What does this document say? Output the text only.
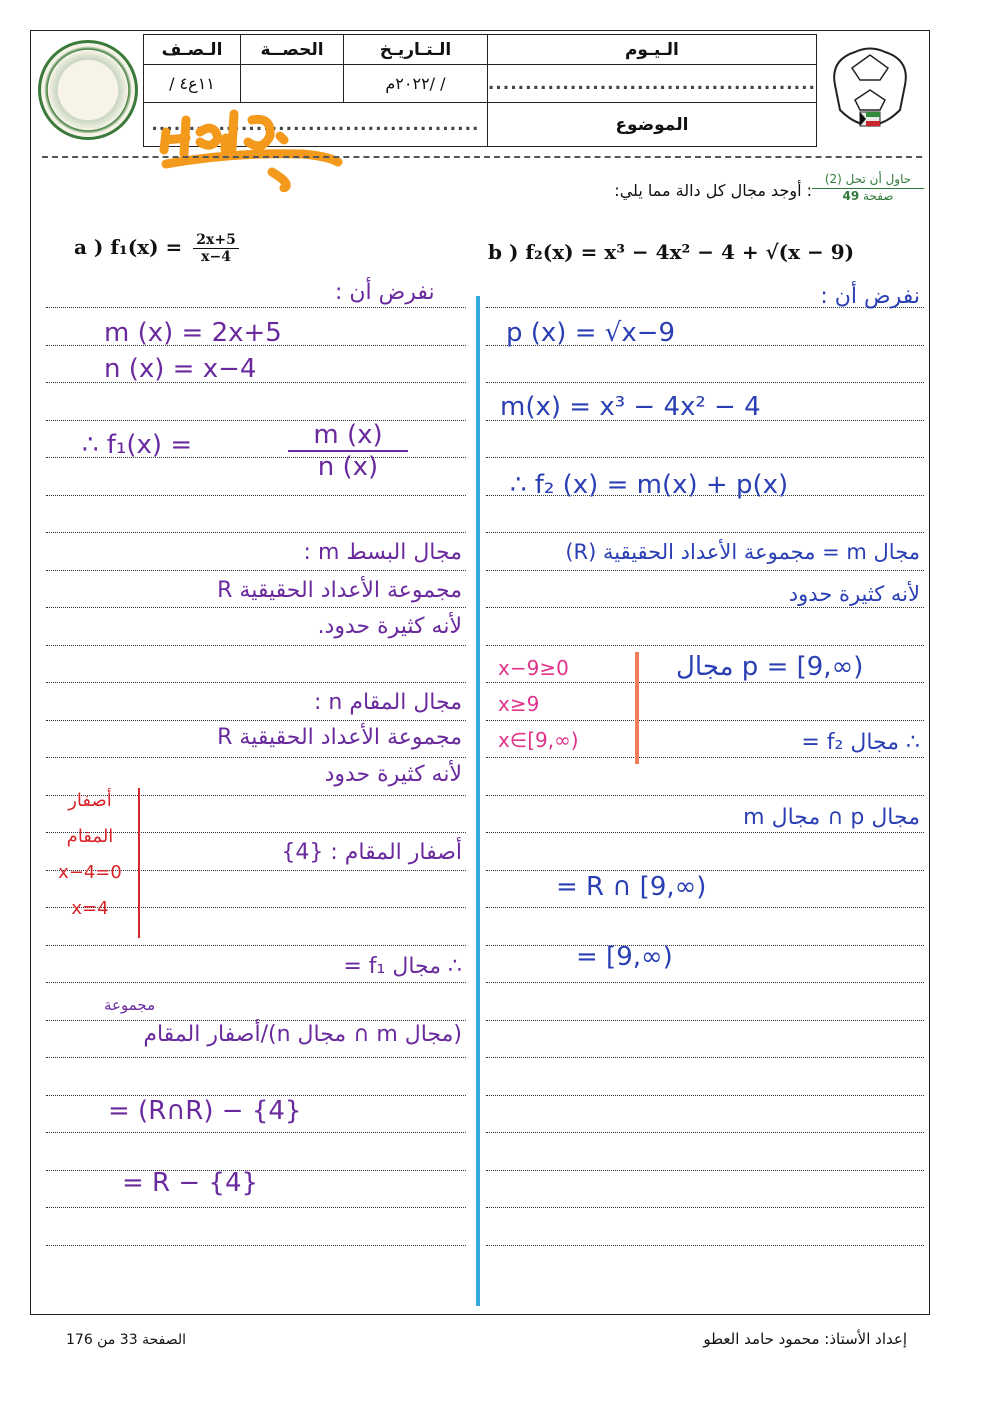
الـيـوم	الـتـاريـخ	الحصــة	الـصـف
............................................	/ /٢٠٢٢م		١١ع٤ /
الموضوع	............................................		
حاول أن تحل (2)
صفحة 49
: أوجد مجال كل دالة مما يلي:
a ) $f_1(x) = \frac{2x+5}{x-4}$	b ) f₂(x) = x³ − 4x² − 4 + √(x − 9)
نفرض أن :
m (x) = 2x+5
n (x) = x−4
∴ f₁(x) =	$\frac{m (x)}{n (x)}$
مجال البسط m :
مجموعة الأعداد الحقيقية R
لأنه كثيرة حدود.
مجال المقام n :
مجموعة الأعداد الحقيقية R
لأنه كثيرة حدود
أصفار المقام : {4}
∴ مجال f₁ =
مجموعة
(مجال m ∩ مجال n)/أصفار المقام
= (R∩R) − {4}
= R − {4}
أصفار
المقام
x−4=0
x=4
نفرض أن :
p (x) = √x−9
m(x) = x³ − 4x² − 4
∴ f₂ (x) = m(x) + p(x)
مجال m = مجموعة الأعداد الحقيقية (R)
لأنه كثيرة حدود
مجال p = [9,∞)
∴ مجال f₂ =
مجال p ∩ مجال m
= R ∩ [9,∞)
= [9,∞)
x−9≥0
x≥9
x∈[9,∞)
الصفحة 33 من 176	إعداد الأستاذ: محمود حامد العطو
